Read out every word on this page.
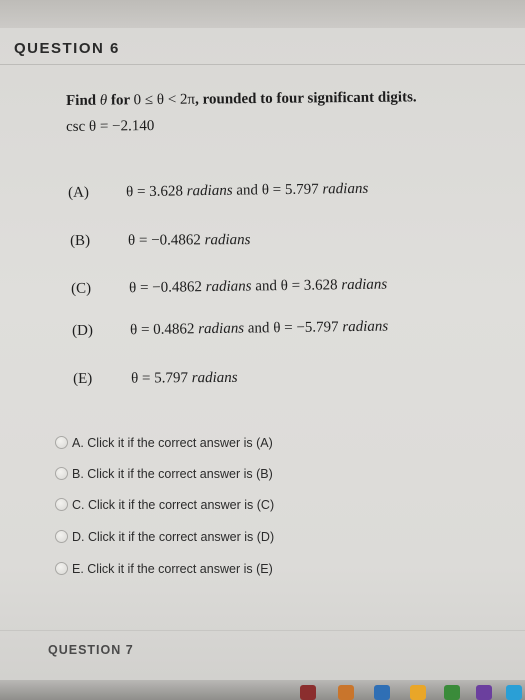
QUESTION 6
Find θ for 0 ≤ θ < 2π, rounded to four significant digits.
csc θ = −2.140
(A) θ = 3.628 radians and θ = 5.797 radians
(B)	θ = −0.4862 radians
(C)	θ = −0.4862 radians and θ = 3.628 radians
(D) θ = 0.4862 radians and θ = −5.797 radians
(E)	θ = 5.797 radians
A. Click it if the correct answer is (A)
B. Click it if the correct answer is (B)
C. Click it if the correct answer is (C)
D. Click it if the correct answer is (D)
E. Click it if the correct answer is (E)
QUESTION 7
